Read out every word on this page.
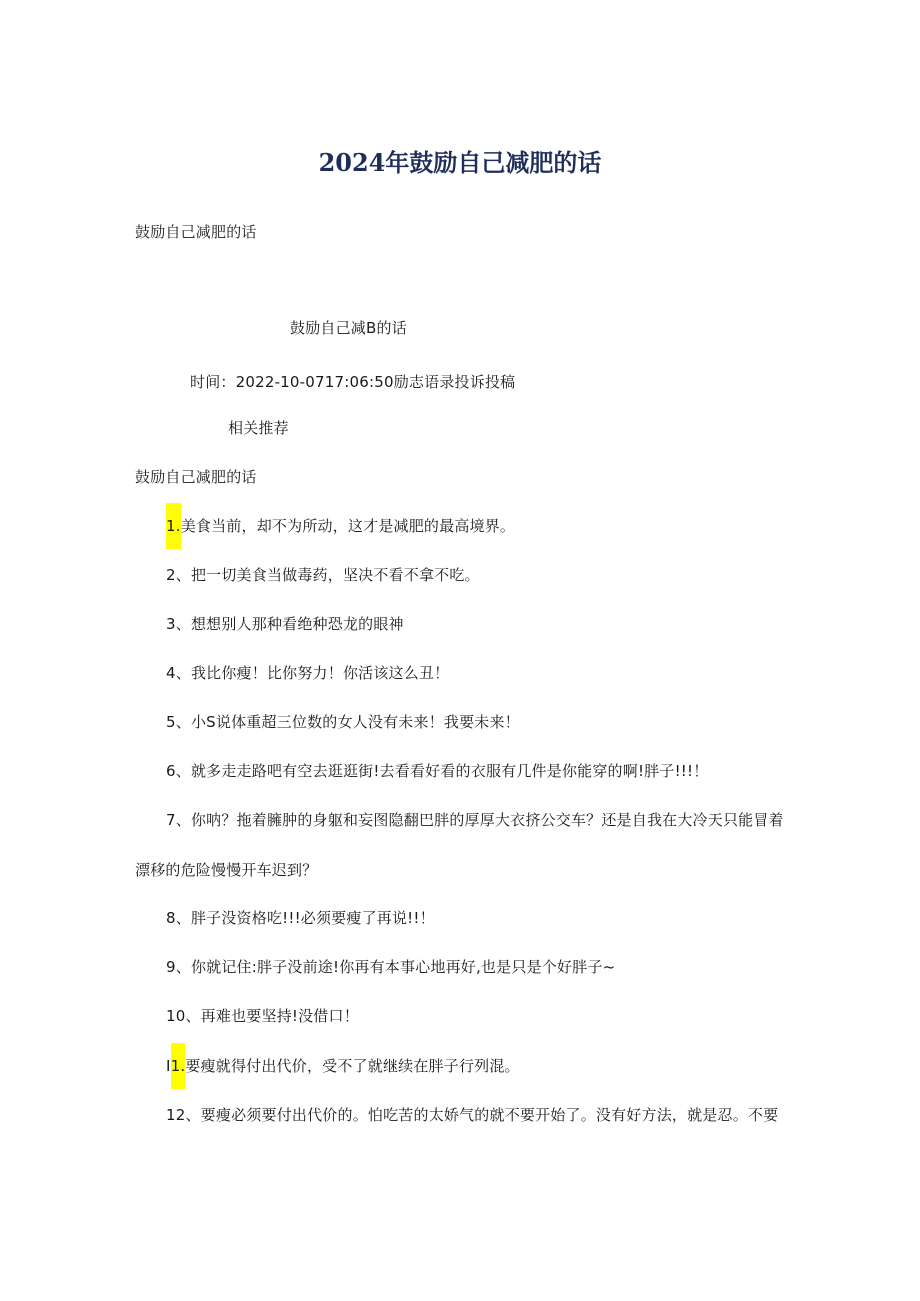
2024年鼓励自己减肥的话
鼓励自己减肥的话
鼓励自己减B的话
时间：2022-10-0717:06:50励志语录投诉投稿
相关推荐
鼓励自己减肥的话
1.美食当前，却不为所动，这才是减肥的最高境界。
2、把一切美食当做毒药，坚决不看不拿不吃。
3、想想别人那种看绝种恐龙的眼神
4、我比你瘦！比你努力！你活该这么丑！
5、小S说体重超三位数的女人没有未来！我要未来！
6、就多走走路吧有空去逛逛街!去看看好看的衣服有几件是你能穿的啊!胖子!!!！
7、你呐？拖着臃肿的身躯和妄图隐翻巴胖的厚厚大衣挤公交车？还是自我在大冷天只能冒着
漂移的危险慢慢开车迟到？
8、胖子没资格吃!!!必须要瘦了再说!!！
9、你就记住:胖子没前途!你再有本事心地再好,也是只是个好胖子~
10、再难也要坚持!没借口！
I1.要瘦就得付出代价，受不了就继续在胖子行列混。
12、要瘦必须要付出代价的。怕吃苦的太娇气的就不要开始了。没有好方法，就是忍。不要
